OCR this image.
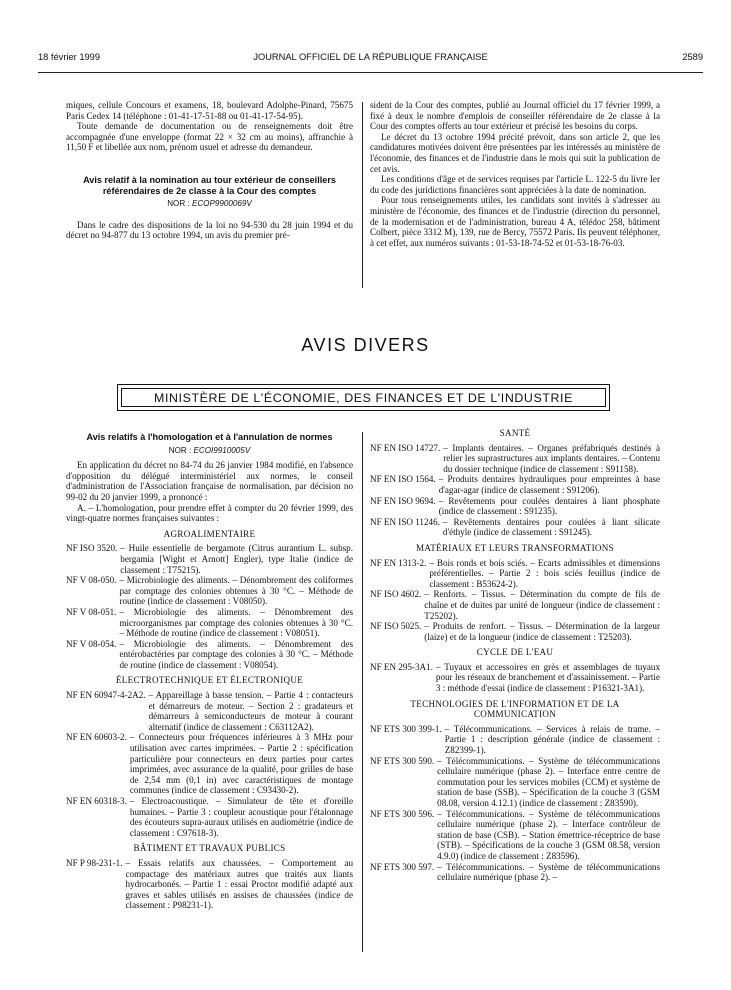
18 février 1999	JOURNAL OFFICIEL DE LA RÉPUBLIQUE FRANÇAISE	2589

miques, cellule Concours et examens, 18, boulevard Adolphe-Pinard, 75675 Paris Cedex 14 (téléphone : 01-41-17-51-88 ou 01-41-17-54-95).

Toute demande de documentation ou de renseignements doit être accompagnée d'une enveloppe (format 22 × 32 cm au moins), affranchie à 11,50 F et libellée aux nom, prénom usuel et adresse du demandeur.

Avis relatif à la nomination au tour extérieur de conseillers référendaires de 2e classe à la Cour des comptes

NOR : ECOP9900069V

Dans le cadre des dispositions de la loi no 94-530 du 28 juin 1994 et du décret no 94-877 du 13 octobre 1994, un avis du premier pré-

sident de la Cour des comptes, publié au Journal officiel du 17 février 1999, a fixé à deux le nombre d'emplois de conseiller référendaire de 2e classe à la Cour des comptes offerts au tour extérieur et précisé les besoins du corps.

Le décret du 13 octobre 1994 précité prévoit, dans son article 2, que les candidatures motivées doivent être présentées par les intéressés au ministère de l'économie, des finances et de l'industrie dans le mois qui suit la publication de cet avis.

Les conditions d'âge et de services requises par l'article L. 122-5 du livre Ier du code des juridictions financières sont appréciées à la date de nomination.

Pour tous renseignements utiles, les candidats sont invités à s'adresser au ministère de l'économie, des finances et de l'industrie (direction du personnel, de la modernisation et de l'administration, bureau 4 A, télédoc 258, bâtiment Colbert, pièce 3312 M), 139, rue de Bercy, 75572 Paris. Ils peuvent téléphoner, à cet effet, aux numéros suivants : 01-53-18-74-52 et 01-53-18-76-03.

AVIS DIVERS
MINISTÈRE DE L'ÉCONOMIE, DES FINANCES ET DE L'INDUSTRIE

Avis relatifs à l'homologation et à l'annulation de normes

NOR : ECOI9910005V

En application du décret no 84-74 du 26 janvier 1984 modifié, en l'absence d'opposition du délégué interministériel aux normes, le conseil d'administration de l'Association française de normalisation, par décision no 99-02 du 20 janvier 1999, a prononcé :

A. – L'homologation, pour prendre effet à compter du 20 février 1999, des vingt-quatre normes françaises suivantes :

AGROALIMENTAIRE

NF ISO 3520. – Huile essentielle de bergamote (Citrus aurantium L. subsp. bergamia [Wight et Arnott] Engler), type Italie (indice de classement : T75215).
NF V 08-050. – Microbiologie des aliments. – Dénombrement des coliformes par comptage des colonies obtenues à 30 °C. – Méthode de routine (indice de classement : V08050).
NF V 08-051. – Microbiologie des aliments. – Dénombrement des microorganismes par comptage des colonies obtenues à 30 °C. – Méthode de routine (indice de classement : V08051).
NF V 08-054. – Microbiologie des aliments. – Dénombrement des entérobactéries par comptage des colonies à 30 °C. – Méthode de routine (indice de classement : V08054).

ÉLECTROTECHNIQUE ET ÉLECTRONIQUE

NF EN 60947-4-2A2. – Appareillage à basse tension. – Partie 4 : contacteurs et démarreurs de moteur. – Section 2 : gradateurs et démarreurs à semiconducteurs de moteur à courant alternatif (indice de classement : C63112A2).
NF EN 60603-2. – Connecteurs pour fréquences inférieures à 3 MHz pour utilisation avec cartes imprimées. – Partie 2 : spécification particulière pour connecteurs en deux parties pour cartes imprimées, avec assurance de la qualité, pour grilles de base de 2,54 mm (0,1 in) avec caractéristiques de montage communes (indice de classement : C93430-2).
NF EN 60318-3. – Electroacoustique. – Simulateur de tête et d'oreille humaines. – Partie 3 : coupleur acoustique pour l'étalonnage des écouteurs supra-auraux utilisés en audiométrie (indice de classement : C97618-3).

BÂTIMENT ET TRAVAUX PUBLICS

NF P 98-231-1. – Essais relatifs aux chaussées. – Comportement au compactage des matériaux autres que traités aux liants hydrocarbonés. – Partie 1 : essai Proctor modifié adapté aux graves et sables utilisés en assises de chaussées (indice de classement : P98231-1).

SANTÉ

NF EN ISO 14727. – Implants dentaires. – Organes préfabriqués destinés à relier les suprastructures aux implants dentaires. – Contenu du dossier technique (indice de classement : S91158).
NF EN ISO 1564. – Produits dentaires hydrauliques pour empreintes à base d'agar-agar (indice de classement : S91206).
NF EN ISO 9694. – Revêtements pour coulées dentaires à liant phosphate (indice de classement : S91235).
NF EN ISO 11246. – Revêtements dentaires pour coulées à liant silicate d'éthyle (indice de classement : S91245).

MATÉRIAUX ET LEURS TRANSFORMATIONS

NF EN 1313-2. – Bois ronds et bois sciés. – Ecarts admissibles et dimensions préférentielles. – Partie 2 : bois sciés feuillus (indice de classement : B53624-2).
NF ISO 4602. – Renforts. – Tissus. – Détermination du compte de fils de chaîne et de duites par unité de longueur (indice de classement : T25202).
NF ISO 5025. – Produits de renfort. – Tissus. – Détermination de la largeur (laize) et de la longueur (indice de classement : T25203).

CYCLE DE L'EAU

NF EN 295-3A1. – Tuyaux et accessoires en grès et assemblages de tuyaux pour les réseaux de branchement et d'assainissement. – Partie 3 : méthode d'essai (indice de classement : P16321-3A1).

TECHNOLOGIES DE L'INFORMATION ET DE LA COMMUNICATION

NF ETS 300 399-1. – Télécommunications. – Services à relais de trame. – Partie 1 : description générale (indice de classement : Z82399-1).
NF ETS 300 590. – Télécommunications. – Système de télécommunications cellulaire numérique (phase 2). – Interface entre centre de commutation pour les services mobiles (CCM) et système de station de base (SSB). – Spécification de la couche 3 (GSM 08.08, version 4.12.1) (indice de classement : Z83590).
NF ETS 300 596. – Télécommunications. – Système de télécommunications cellulaire numérique (phase 2). – Interface contrôleur de station de base (CSB). – Station émettrice-réceptrice de base (STB). – Spécifications de la couche 3 (GSM 08.58, version 4.9.0) (indice de classement : Z83596).
NF ETS 300 597. – Télécommunications. – Système de télécommunications cellulaire numérique (phase 2). –
